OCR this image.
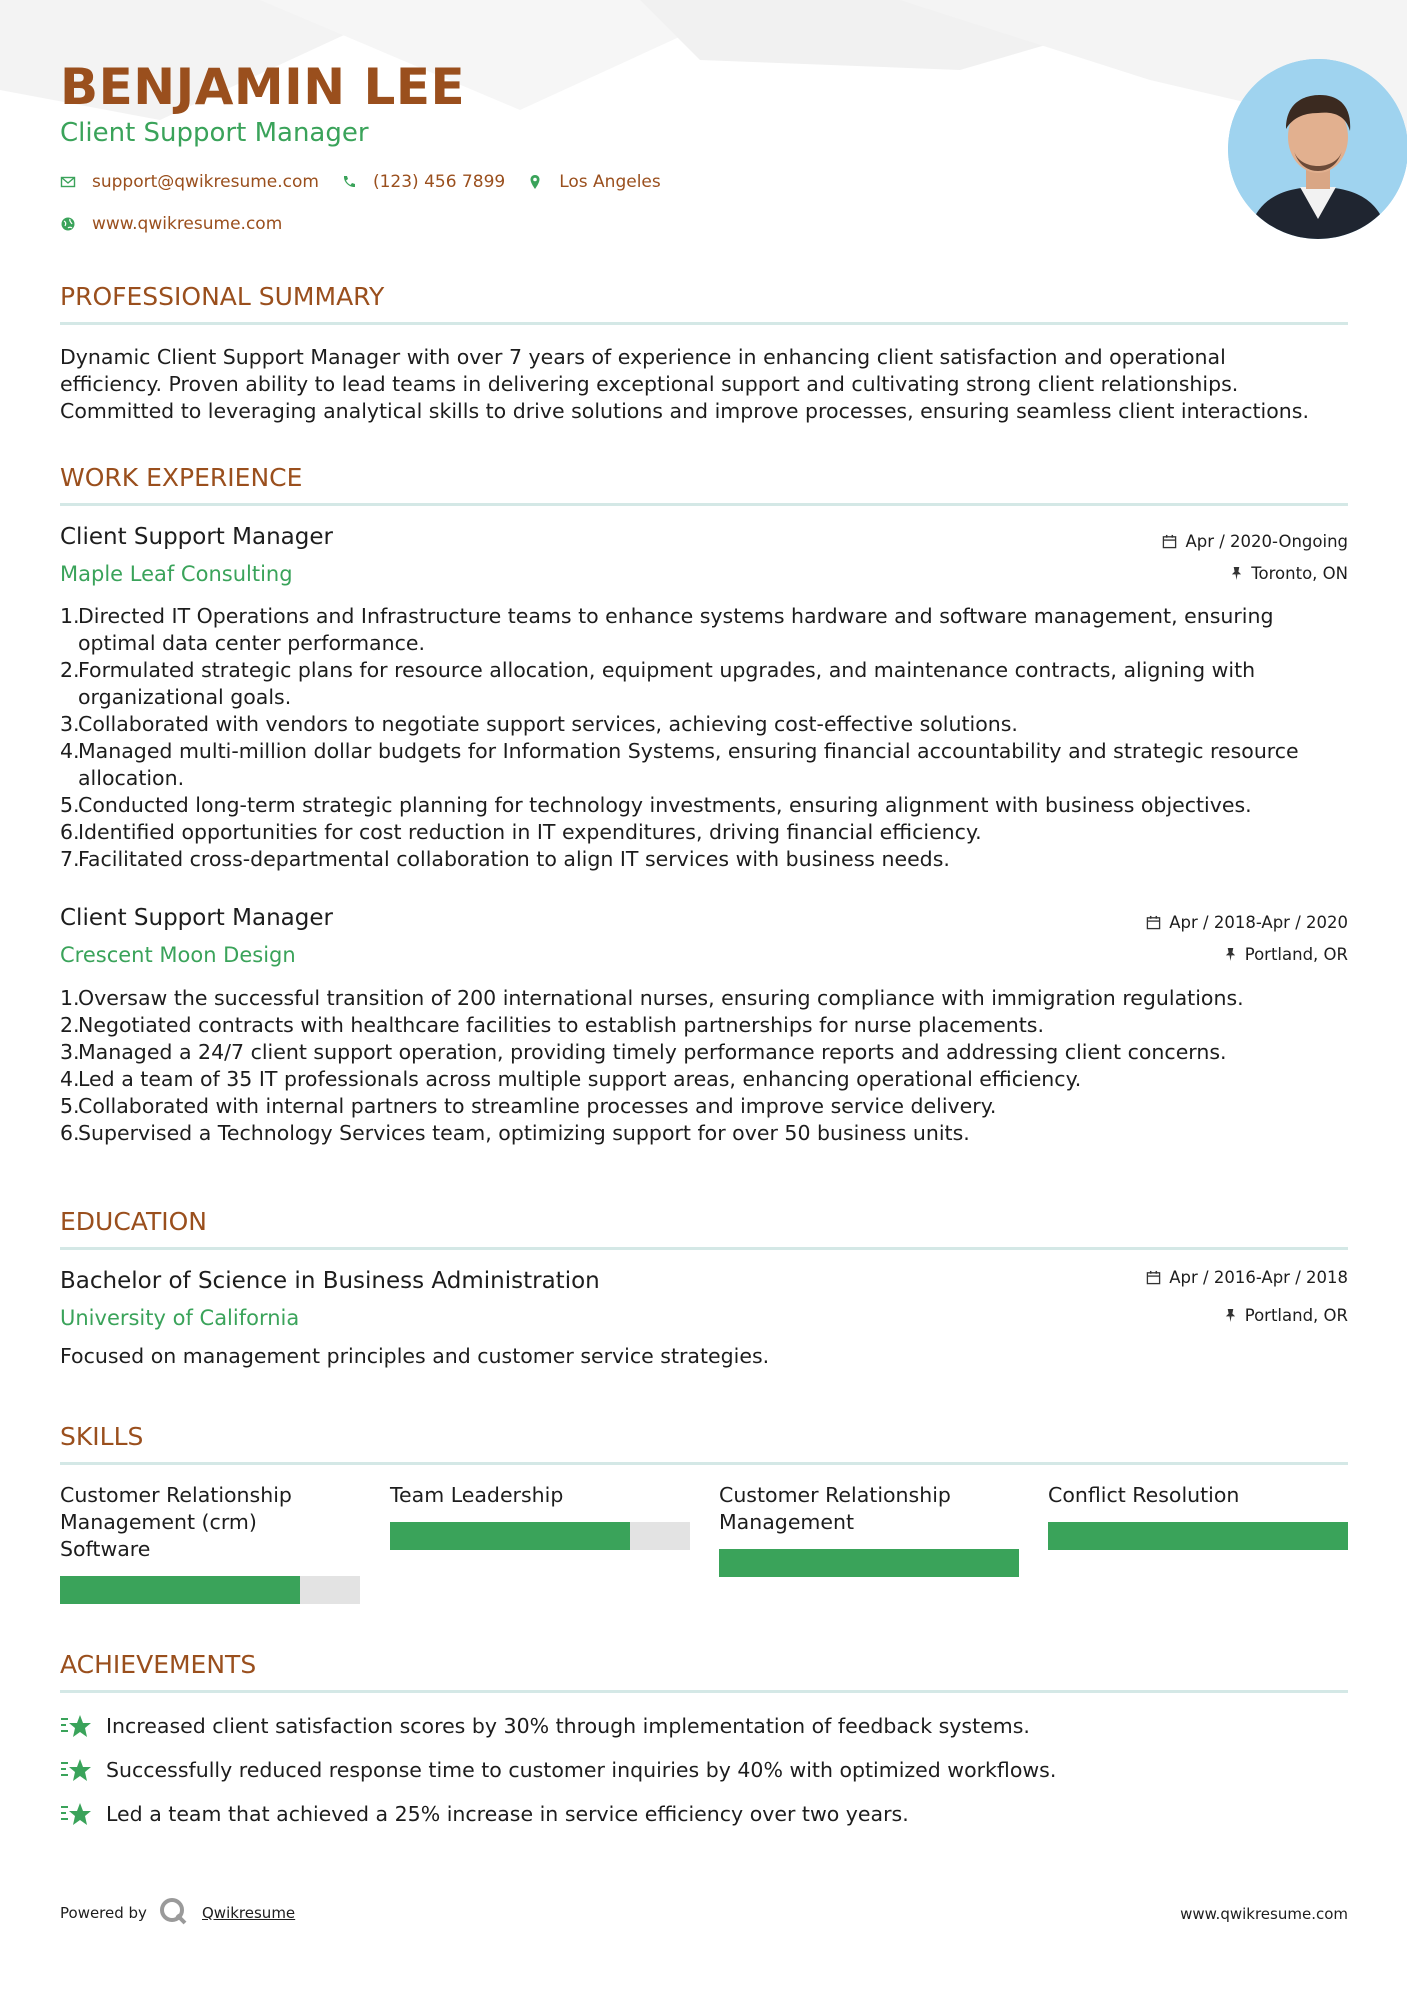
BENJAMIN LEE
Client Support Manager
support@qwikresume.com	(123) 456 7899	Los Angeles
www.qwikresume.com
PROFESSIONAL SUMMARY
Dynamic Client Support Manager with over 7 years of experience in enhancing client satisfaction and operational
efficiency. Proven ability to lead teams in delivering exceptional support and cultivating strong client relationships.
Committed to leveraging analytical skills to drive solutions and improve processes, ensuring seamless client interactions.
WORK EXPERIENCE
Client Support Manager
Maple Leaf Consulting
Apr / 2020-Ongoing
Toronto, ON
1.
Directed IT Operations and Infrastructure teams to enhance systems hardware and software management, ensuring
optimal data center performance.
2.
Formulated strategic plans for resource allocation, equipment upgrades, and maintenance contracts, aligning with
organizational goals.
3.
Collaborated with vendors to negotiate support services, achieving cost-effective solutions.
4.
Managed multi-million dollar budgets for Information Systems, ensuring financial accountability and strategic resource
allocation.
5.
Conducted long-term strategic planning for technology investments, ensuring alignment with business objectives.
6.
Identified opportunities for cost reduction in IT expenditures, driving financial efficiency.
7.
Facilitated cross-departmental collaboration to align IT services with business needs.
Client Support Manager
Crescent Moon Design
Apr / 2018-Apr / 2020
Portland, OR
1.
Oversaw the successful transition of 200 international nurses, ensuring compliance with immigration regulations.
2.
Negotiated contracts with healthcare facilities to establish partnerships for nurse placements.
3.
Managed a 24/7 client support operation, providing timely performance reports and addressing client concerns.
4.
Led a team of 35 IT professionals across multiple support areas, enhancing operational efficiency.
5.
Collaborated with internal partners to streamline processes and improve service delivery.
6.
Supervised a Technology Services team, optimizing support for over 50 business units.
EDUCATION
Bachelor of Science in Business Administration
University of California
Apr / 2016-Apr / 2018
Portland, OR
Focused on management principles and customer service strategies.
SKILLS
Customer Relationship
Management (crm)
Software
Team Leadership	Customer Relationship
Management
Conflict Resolution
ACHIEVEMENTS
Increased client satisfaction scores by 30% through implementation of feedback systems.
Successfully reduced response time to customer inquiries by 40% with optimized workflows.
Led a team that achieved a 25% increase in service efficiency over two years.
Powered by	Qwikresume	www.qwikresume.com
